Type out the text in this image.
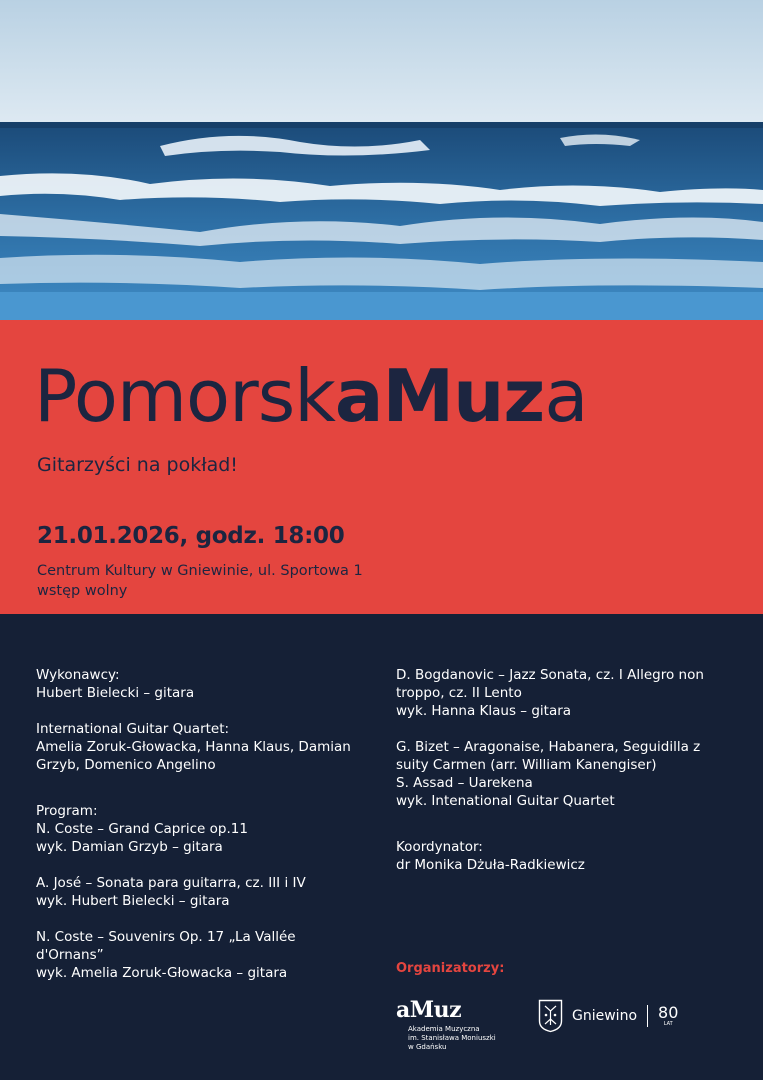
PomorskaMuza
Gitarzyści na pokład!
21.01.2026, godz. 18:00
Centrum Kultury w Gniewinie, ul. Sportowa 1
wstęp wolny
Wykonawcy:
Hubert Bielecki – gitara
International Guitar Quartet:
Amelia Zoruk-Głowacka, Hanna Klaus, Damian
Grzyb, Domenico Angelino
Program:
N. Coste – Grand Caprice op.11
wyk. Damian Grzyb – gitara
A. José – Sonata para guitarra, cz. III i IV
wyk. Hubert Bielecki – gitara
N. Coste – Souvenirs Op. 17 „La Vallée d'Ornans”
wyk. Amelia Zoruk-Głowacka – gitara
D. Bogdanovic – Jazz Sonata, cz. I Allegro non
troppo, cz. II Lento
wyk. Hanna Klaus – gitara
G. Bizet – Aragonaise, Habanera, Seguidilla z
suity Carmen (arr. William Kanengiser)
S. Assad – Uarekena
wyk. Intenational Guitar Quartet
Koordynator:
dr Monika Dżuła-Radkiewicz
Organizatorzy:
aMuz
Akademia Muzyczna
im. Stanisława Moniuszki
w Gdańsku
Gniewino 80
LAT
